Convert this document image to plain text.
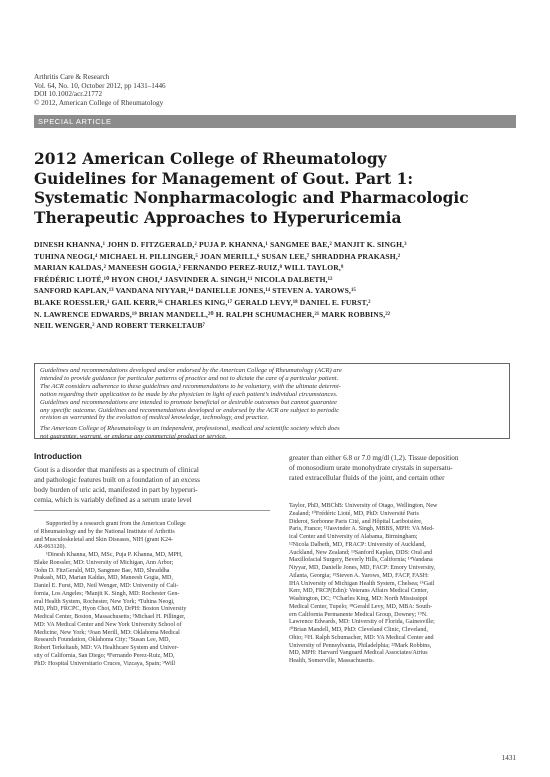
Arthritis Care & Research
Vol. 64, No. 10, October 2012, pp 1431–1446
DOI 10.1002/acr.21772
© 2012, American College of Rheumatology
SPECIAL ARTICLE
2012 American College of Rheumatology
Guidelines for Management of Gout. Part 1:
Systematic Nonpharmacologic and Pharmacologic
Therapeutic Approaches to Hyperuricemia
DINESH KHANNA,¹ JOHN D. FITZGERALD,² PUJA P. KHANNA,¹ SANGMEE BAE,² MANJIT K. SINGH,³
TUHINA NEOGI,⁴ MICHAEL H. PILLINGER,⁵ JOAN MERILL,⁶ SUSAN LEE,⁷ SHRADDHA PRAKASH,²
MARIAN KALDAS,² MANEESH GOGIA,² FERNANDO PEREZ-RUIZ,⁸ WILL TAYLOR,⁹
FRÉDÉRIC LIOTÉ,¹⁰ HYON CHOI,⁴ JASVINDER A. SINGH,¹¹ NICOLA DALBETH,¹²
SANFORD KAPLAN,¹³ VANDANA NIYYAR,¹⁴ DANIELLE JONES,¹⁴ STEVEN A. YAROWS,¹⁵
BLAKE ROESSLER,¹ GAIL KERR,¹⁶ CHARLES KING,¹⁷ GERALD LEVY,¹⁸ DANIEL E. FURST,²
N. LAWRENCE EDWARDS,¹⁹ BRIAN MANDELL,²⁰ H. RALPH SCHUMACHER,²¹ MARK ROBBINS,²²
NEIL WENGER,² AND ROBERT TERKELTAUB⁷

Guidelines and recommendations developed and/or endorsed by the American College of Rheumatology (ACR) are
intended to provide guidance for particular patterns of practice and not to dictate the care of a particular patient.
The ACR considers adherence to these guidelines and recommendations to be voluntary, with the ultimate determi-
nation regarding their application to be made by the physician in light of each patient’s individual circumstances.
Guidelines and recommendations are intended to promote beneficial or desirable outcomes but cannot guarantee
any specific outcome. Guidelines and recommendations developed or endorsed by the ACR are subject to periodic
revision as warranted by the evolution of medical knowledge, technology, and practice.

The American College of Rheumatology is an independent, professional, medical and scientific society which does
not guarantee, warrant, or endorse any commercial product or service.

Introduction
Gout is a disorder that manifests as a spectrum of clinical
and pathologic features built on a foundation of an excess
body burden of uric acid, manifested in part by hyperuri-
cemia, which is variably defined as a serum urate level
greater than either 6.8 or 7.0 mg/dl (1,2). Tissue deposition
of monosodium urate monohydrate crystals in supersatu-
rated extracellular fluids of the joint, and certain other
Supported by a research grant from the American College
of Rheumatology and by the National Institute of Arthritis
and Musculoskeletal and Skin Diseases, NIH (grant K24-
AR-063120).
¹Dinesh Khanna, MD, MSc, Puja P. Khanna, MD, MPH,
Blake Roessler, MD: University of Michigan, Ann Arbor;
²John D. FitzGerald, MD, Sangmee Bae, MD, Shraddha
Prakash, MD, Marian Kaldas, MD, Maneesh Gogia, MD,
Daniel E. Furst, MD, Neil Wenger, MD: University of Cali-
fornia, Los Angeles; ³Manjit K. Singh, MD: Rochester Gen-
eral Health System, Rochester, New York; ⁴Tuhina Neogi,
MD, PhD, FRCPC, Hyon Choi, MD, DrPH: Boston University
Medical Center, Boston, Massachusetts; ⁵Michael H. Pillinger,
MD: VA Medical Center and New York University School of
Medicine, New York; ⁶Joan Merill, MD: Oklahoma Medical
Research Foundation, Oklahoma City; ⁷Susan Lee, MD,
Robert Terkeltaub, MD: VA Healthcare System and Univer-
sity of California, San Diego; ⁸Fernando Perez-Ruiz, MD,
PhD: Hospital Universitario Cruces, Vizcaya, Spain; ⁹Will
Taylor, PhD, MBChB: University of Otago, Wellington, New
Zealand; ¹⁰Frédéric Lioté, MD, PhD: Université Paris
Diderot, Sorbonne Paris Cité, and Hôpital Lariboisière,
Paris, France; ¹¹Jasvinder A. Singh, MBBS, MPH: VA Med-
ical Center and University of Alabama, Birmingham;
¹²Nicola Dalbeth, MD, FRACP: University of Auckland,
Auckland, New Zealand; ¹³Sanford Kaplan, DDS: Oral and
Maxillofacial Surgery, Beverly Hills, California; ¹⁴Vandana
Niyyar, MD, Danielle Jones, MD, FACP: Emory University,
Atlanta, Georgia; ¹⁵Steven A. Yarows, MD, FACP, FASH:
IHA University of Michigan Health System, Chelsea; ¹⁶Gail
Kerr, MD, FRCP(Edin): Veterans Affairs Medical Center,
Washington, DC; ¹⁷Charles King, MD: North Mississippi
Medical Center, Tupelo; ¹⁸Gerald Levy, MD, MBA: South-
ern California Permanente Medical Group, Downey; ¹⁹N.
Lawrence Edwards, MD: University of Florida, Gainesville;
²⁰Brian Mandell, MD, PhD: Cleveland Clinic, Cleveland,
Ohio; ²¹H. Ralph Schumacher, MD: VA Medical Center and
University of Pennsylvania, Philadelphia; ²²Mark Robbins,
MD, MPH: Harvard Vanguard Medical Associates/Atrius
Health, Somerville, Massachusetts.
1431
